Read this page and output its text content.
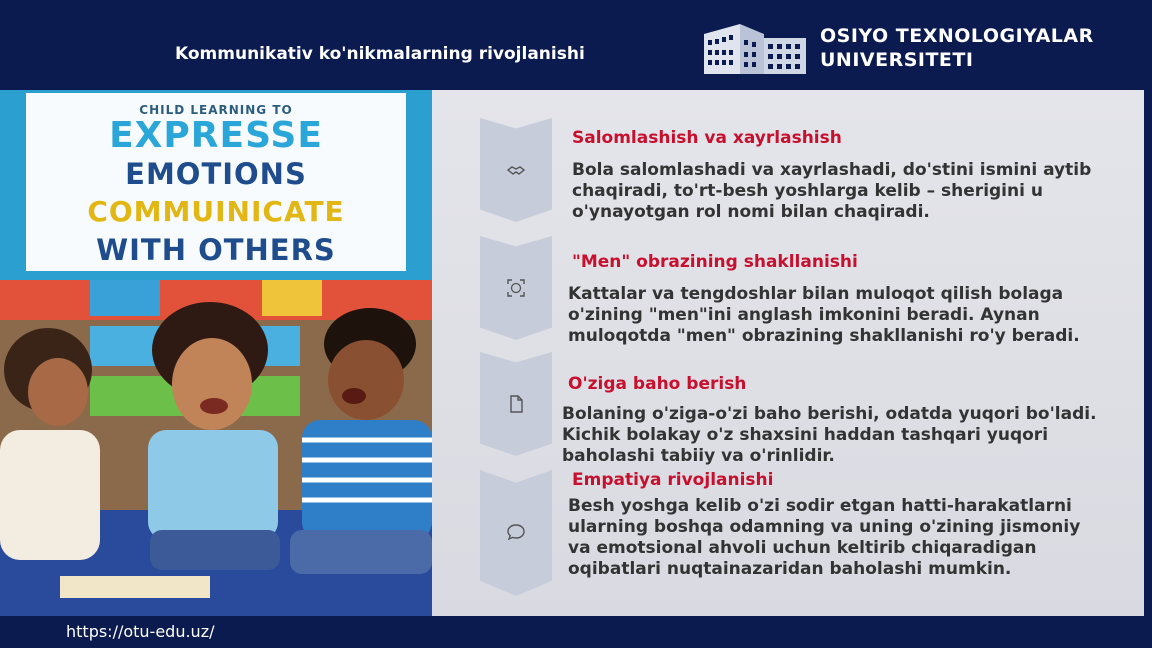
Kommunikativ ko'nikmalarning rivojlanishi
OSIYO TEXNOLOGIYALAR
UNIVERSITETI
CHILD LEARNING TO
EXPRESSE
EMOTIONS
COMMUINICATE
WITH OTHERS
Salomlashish va xayrlashish
Bola salomlashadi va xayrlashadi, do'stini ismini aytib chaqiradi, to'rt-besh yoshlarga kelib – sherigini u o'ynayotgan rol nomi bilan chaqiradi.
"Men" obrazining shakllanishi
Kattalar va tengdoshlar bilan muloqot qilish bolaga o'zining "men"ini anglash imkonini beradi. Aynan muloqotda "men" obrazining shakllanishi ro'y beradi.
O'ziga baho berish
Bolaning o'ziga-o'zi baho berishi, odatda yuqori bo'ladi. Kichik bolakay o'z shaxsini haddan tashqari yuqori baholashi tabiiy va o'rinlidir.
Empatiya rivojlanishi
Besh yoshga kelib o'zi sodir etgan hatti-harakatlarni ularning boshqa odamning va uning o'zining jismoniy va emotsional ahvoli uchun keltirib chiqaradigan oqibatlari nuqtainazaridan baholashi mumkin.
https://otu-edu.uz/
